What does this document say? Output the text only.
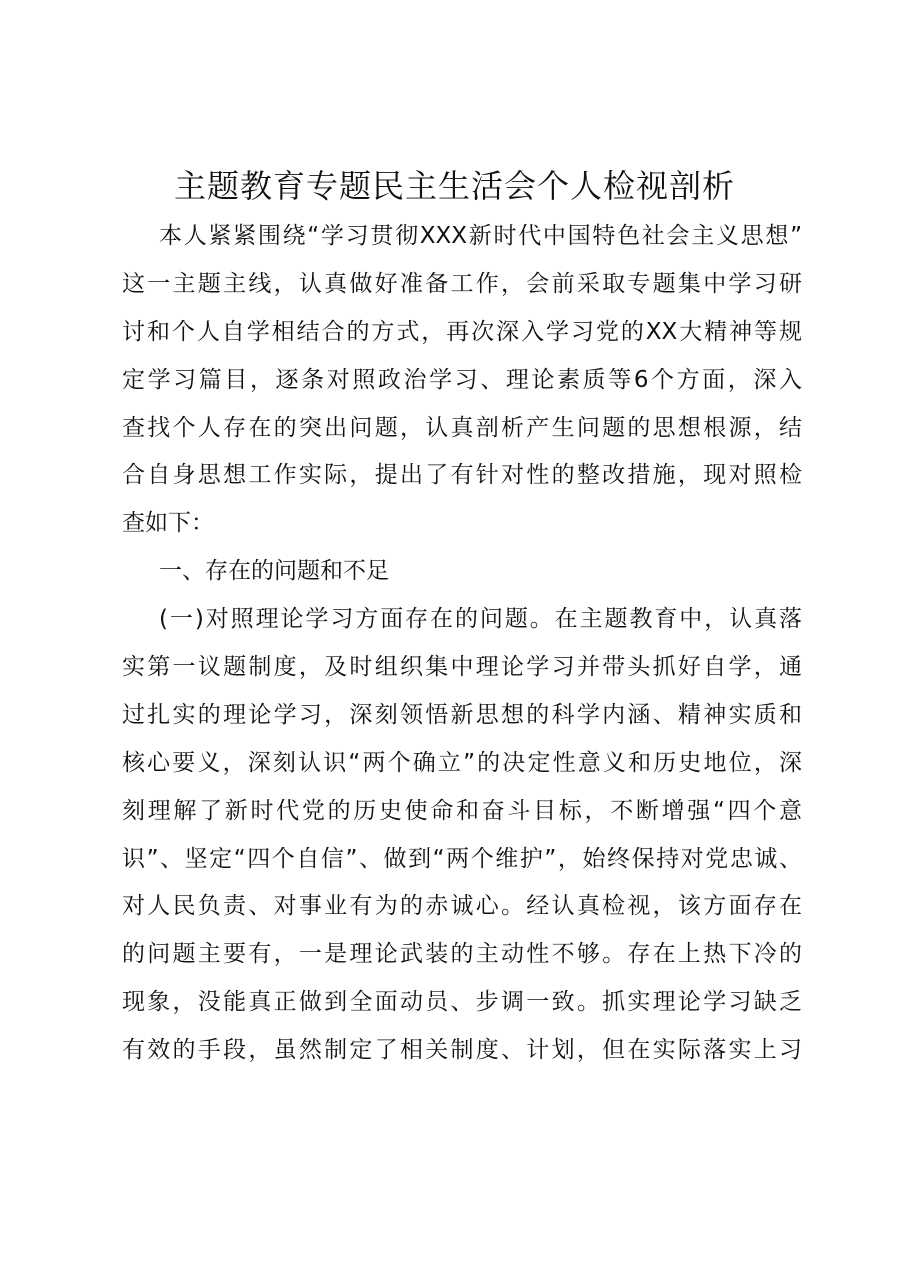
主题教育专题民主生活会个人检视剖析
本人紧紧围绕“学习贯彻XXX新时代中国特色社会主义思想”
这一主题主线，认真做好准备工作，会前采取专题集中学习研
讨和个人自学相结合的方式，再次深入学习党的XX大精神等规
定学习篇目，逐条对照政治学习、理论素质等6个方面，深入
查找个人存在的突出问题，认真剖析产生问题的思想根源，结
合自身思想工作实际，提出了有针对性的整改措施，现对照检
查如下：
一、存在的问题和不足
(一)对照理论学习方面存在的问题。在主题教育中，认真落
实第一议题制度，及时组织集中理论学习并带头抓好自学，通
过扎实的理论学习，深刻领悟新思想的科学内涵、精神实质和
核心要义，深刻认识“两个确立”的决定性意义和历史地位，深
刻理解了新时代党的历史使命和奋斗目标，不断增强“四个意
识”、坚定“四个自信”、做到“两个维护”，始终保持对党忠诚、
对人民负责、对事业有为的赤诚心。经认真检视，该方面存在
的问题主要有，一是理论武装的主动性不够。存在上热下冷的
现象，没能真正做到全面动员、步调一致。抓实理论学习缺乏
有效的手段，虽然制定了相关制度、计划，但在实际落实上习
